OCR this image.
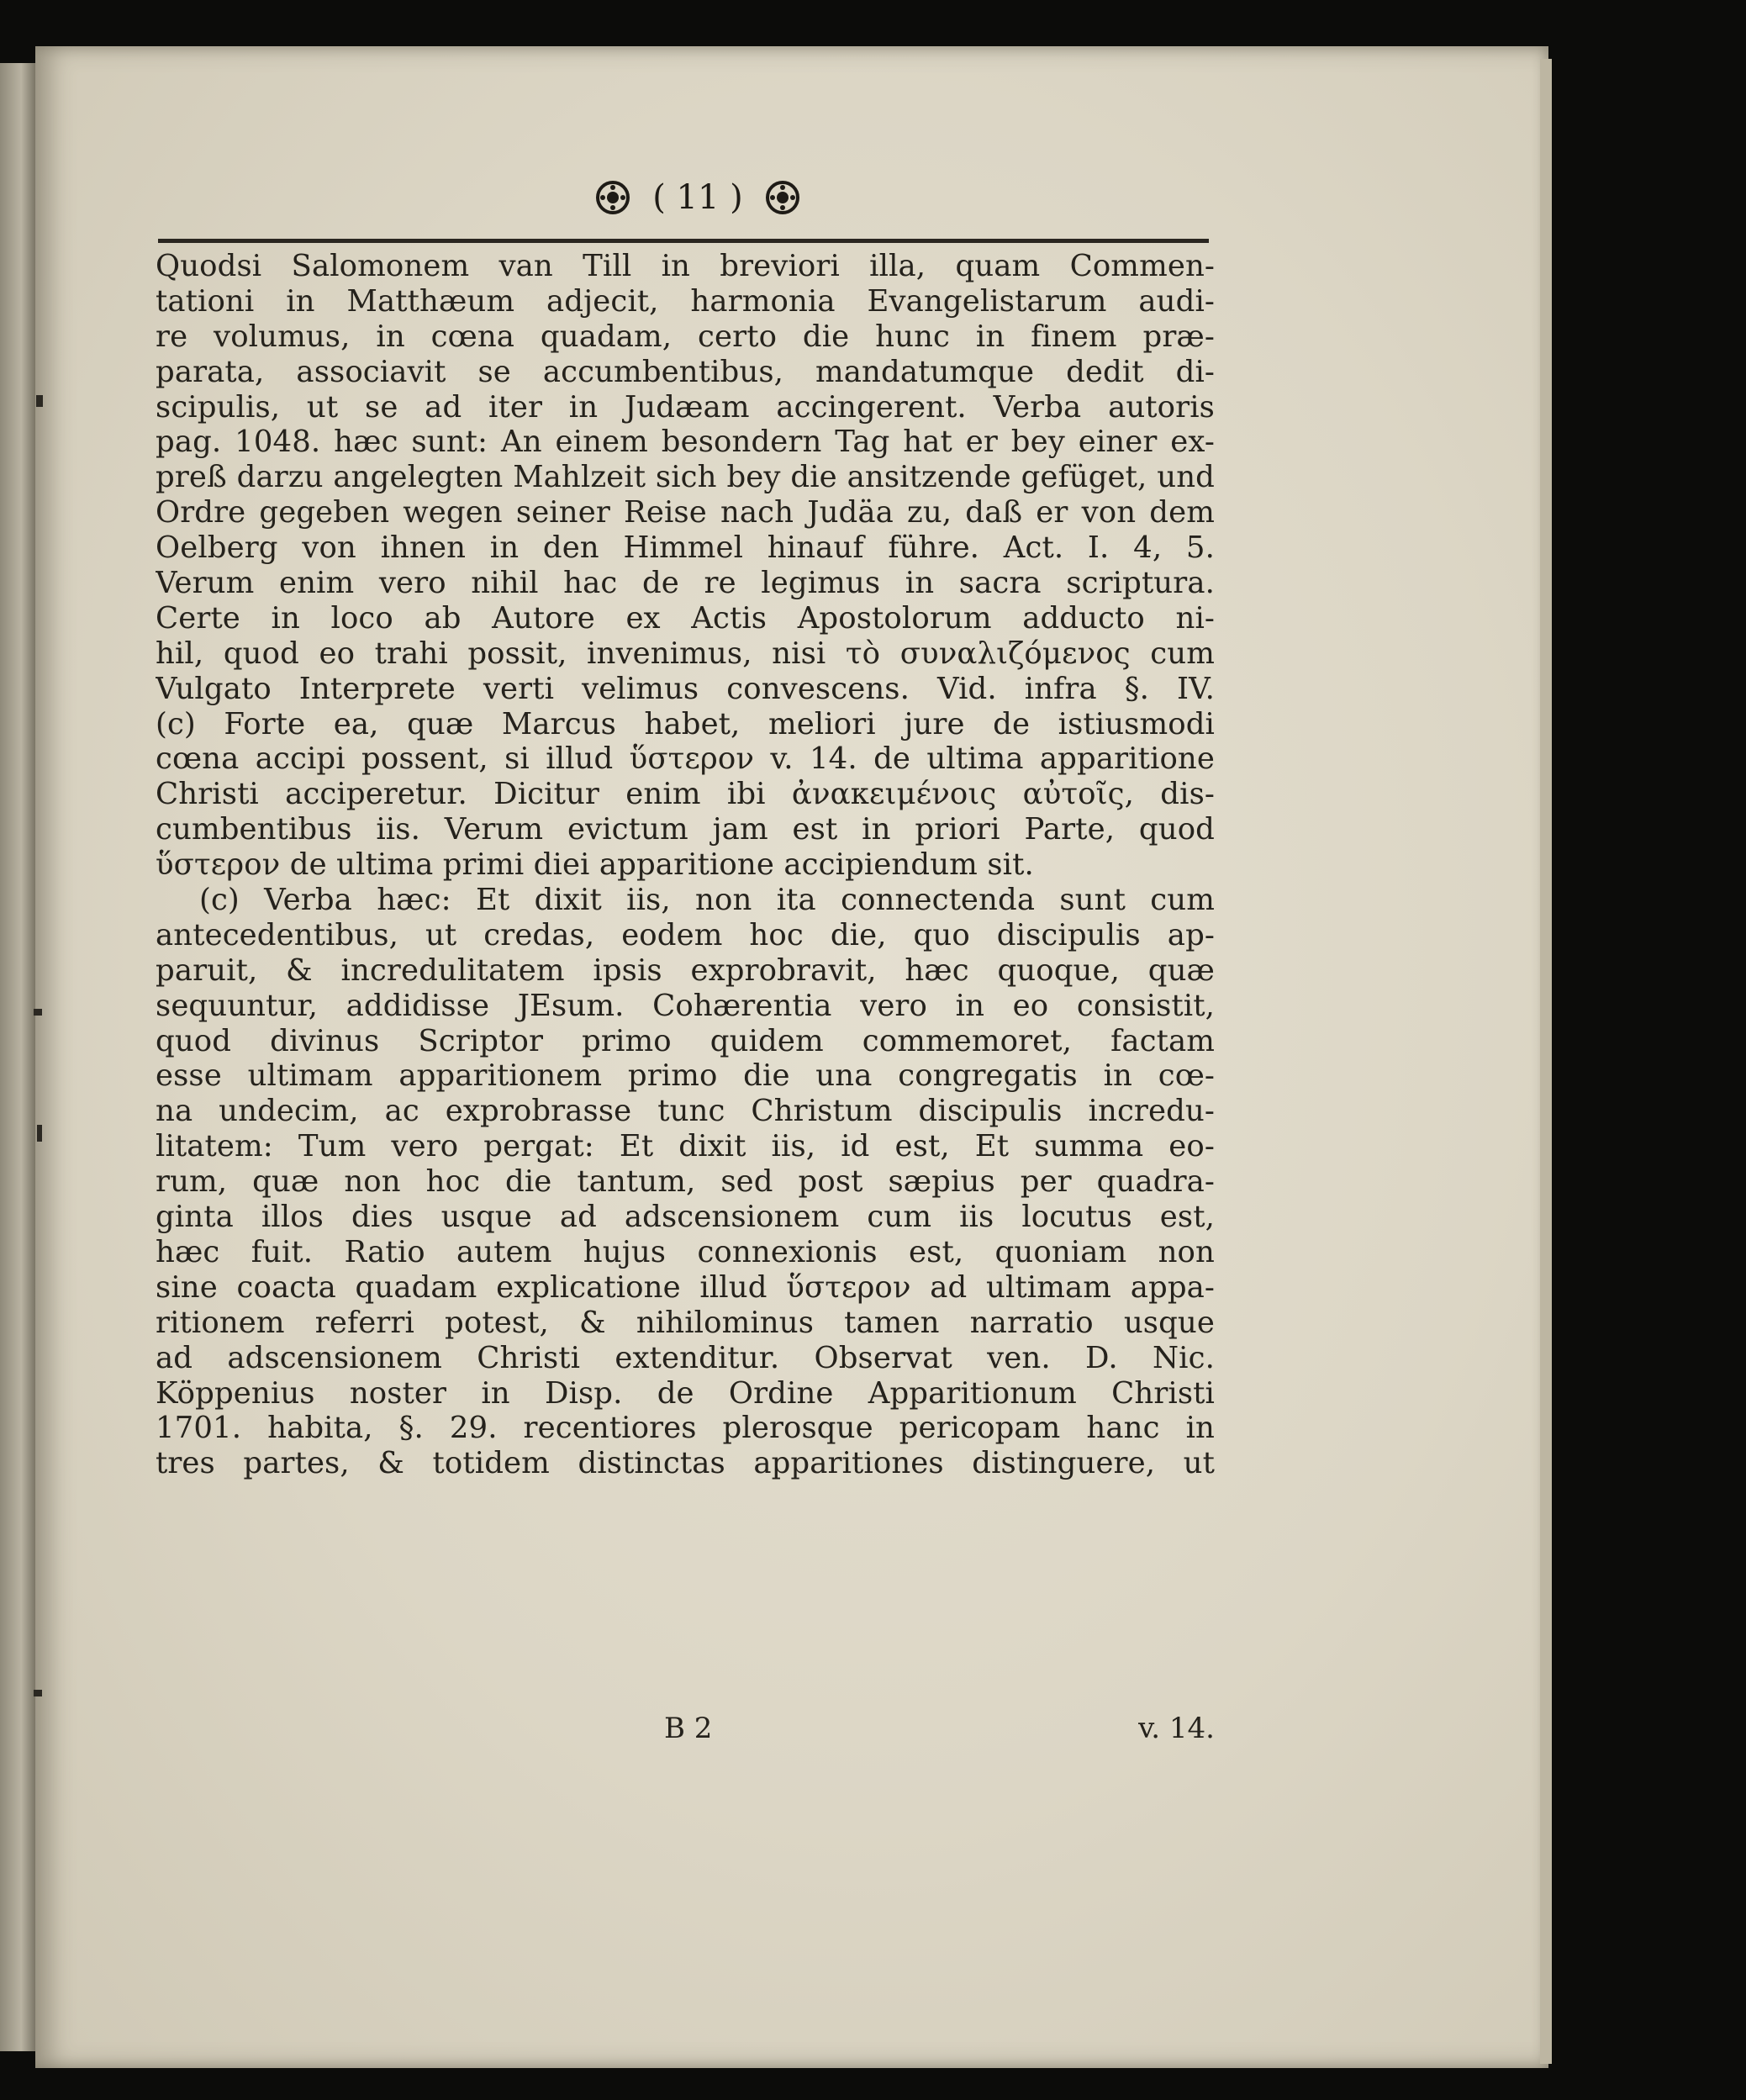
( 11 )
Quodsi Salomonem van Till in breviori illa, quam Commen-
tationi in Matthæum adjecit, harmonia Evangelistarum audi-
re volumus, in cœna quadam, certo die hunc in finem præ-
parata, associavit se accumbentibus, mandatumque dedit di-
scipulis, ut se ad iter in Judæam accingerent. Verba autoris
pag. 1048. hæc sunt: An einem besondern Tag hat er bey einer ex-
preß darzu angelegten Mahlzeit sich bey die ansitzende gefüget, und
Ordre gegeben wegen seiner Reise nach Judäa zu, daß er von dem
Oelberg von ihnen in den Himmel hinauf führe. Act. I. 4, 5.
Verum enim vero nihil hac de re legimus in sacra scriptura.
Certe in loco ab Autore ex Actis Apostolorum adducto ni-
hil, quod eo trahi possit, invenimus, nisi τὸ συναλιζόμενος cum
Vulgato Interprete verti velimus convescens. Vid. infra §. IV.
(c) Forte ea, quæ Marcus habet, meliori jure de istiusmodi
cœna accipi possent, si illud ὕστερον v. 14. de ultima apparitione
Christi acciperetur. Dicitur enim ibi ἀνακειμένοις αὐτοῖς, dis-
cumbentibus iis. Verum evictum jam est in priori Parte, quod
ὕστερον de ultima primi diei apparitione accipiendum sit.
(c) Verba hæc: Et dixit iis, non ita connectenda sunt cum
antecedentibus, ut credas, eodem hoc die, quo discipulis ap-
paruit, & incredulitatem ipsis exprobravit, hæc quoque, quæ
sequuntur, addidisse JEsum. Cohærentia vero in eo consistit,
quod divinus Scriptor primo quidem commemoret, factam
esse ultimam apparitionem primo die una congregatis in cœ-
na undecim, ac exprobrasse tunc Christum discipulis incredu-
litatem: Tum vero pergat: Et dixit iis, id est, Et summa eo-
rum, quæ non hoc die tantum, sed post sæpius per quadra-
ginta illos dies usque ad adscensionem cum iis locutus est,
hæc fuit. Ratio autem hujus connexionis est, quoniam non
sine coacta quadam explicatione illud ὕστερον ad ultimam appa-
ritionem referri potest, & nihilominus tamen narratio usque
ad adscensionem Christi extenditur. Observat ven. D. Nic.
Köppenius noster in Disp. de Ordine Apparitionum Christi
1701. habita, §. 29. recentiores plerosque pericopam hanc in
tres partes, & totidem distinctas apparitiones distinguere, ut
B 2	v. 14.
